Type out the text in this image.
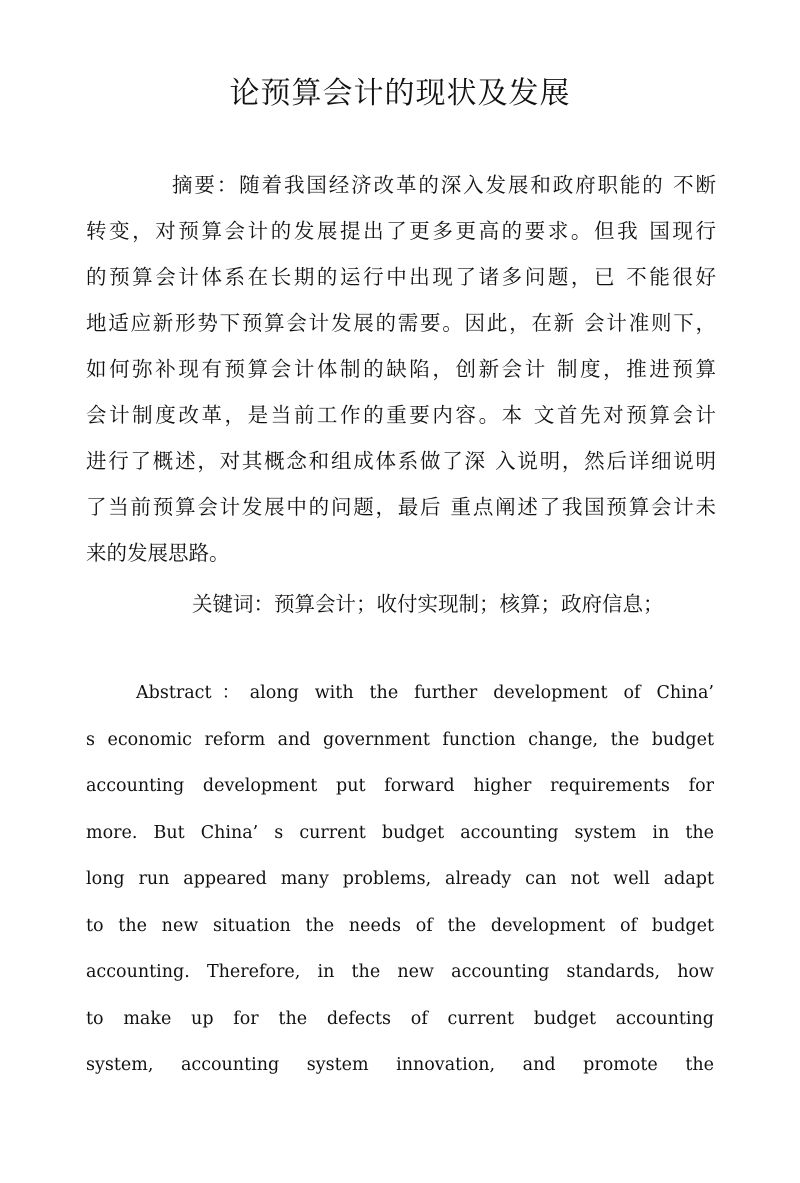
论预算会计的现状及发展
摘要：随着我国经济改革的深入发展和政府职能的 不断
转变，对预算会计的发展提出了更多更高的要求。但我 国现行
的预算会计体系在长期的运行中出现了诸多问题，已 不能很好
地适应新形势下预算会计发展的需要。因此，在新 会计准则下，
如何弥补现有预算会计体制的缺陷，创新会计 制度，推进预算
会计制度改革，是当前工作的重要内容。本 文首先对预算会计
进行了概述，对其概念和组成体系做了深 入说明，然后详细说明
了当前预算会计发展中的问题，最后 重点阐述了我国预算会计未
来的发展思路。
关键词：预算会计；收付实现制；核算；政府信息；
Abstract：along with the further development of China’
s economic reform and government function change, the budget
accounting development put forward higher requirements for
more. But China’ s current budget accounting system in the
long run appeared many problems, already can not well adapt
to the new situation the needs of the development of budget
accounting. Therefore, in the new accounting standards, how
to make up for the defects of current budget accounting
system, accounting system innovation, and promote the
